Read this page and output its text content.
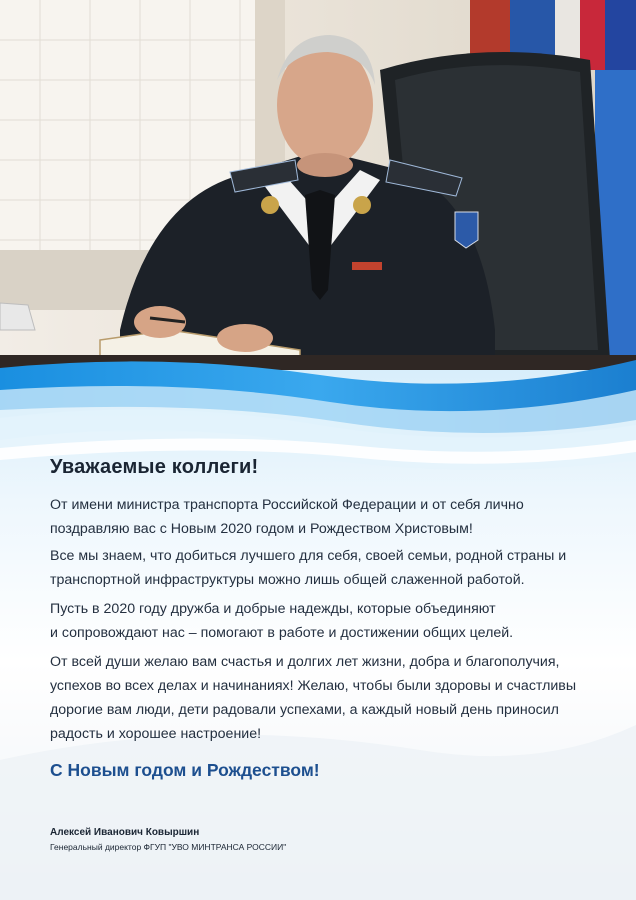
Уважаемые коллеги!

От имени министра транспорта Российской Федерации и от себя лично
поздравляю вас с Новым 2020 годом и Рождеством Христовым!

Все мы знаем, что добиться лучшего для себя, своей семьи, родной страны и
транспортной инфраструктуры можно лишь общей слаженной работой.

Пусть в 2020 году дружба и добрые надежды, которые объединяют
и сопровождают нас – помогают в работе и достижении общих целей.

От всей души желаю вам счастья и долгих лет жизни, добра и благополучия,
успехов во всех делах и начинаниях! Желаю, чтобы были здоровы и счастливы
дорогие вам люди, дети радовали успехами, а каждый новый день приносил
радость и хорошее настроение!

С Новым годом и Рождеством!

Алексей Иванович Ковыршин

Генеральный директор ФГУП "УВО МИНТРАНСА РОССИИ"
